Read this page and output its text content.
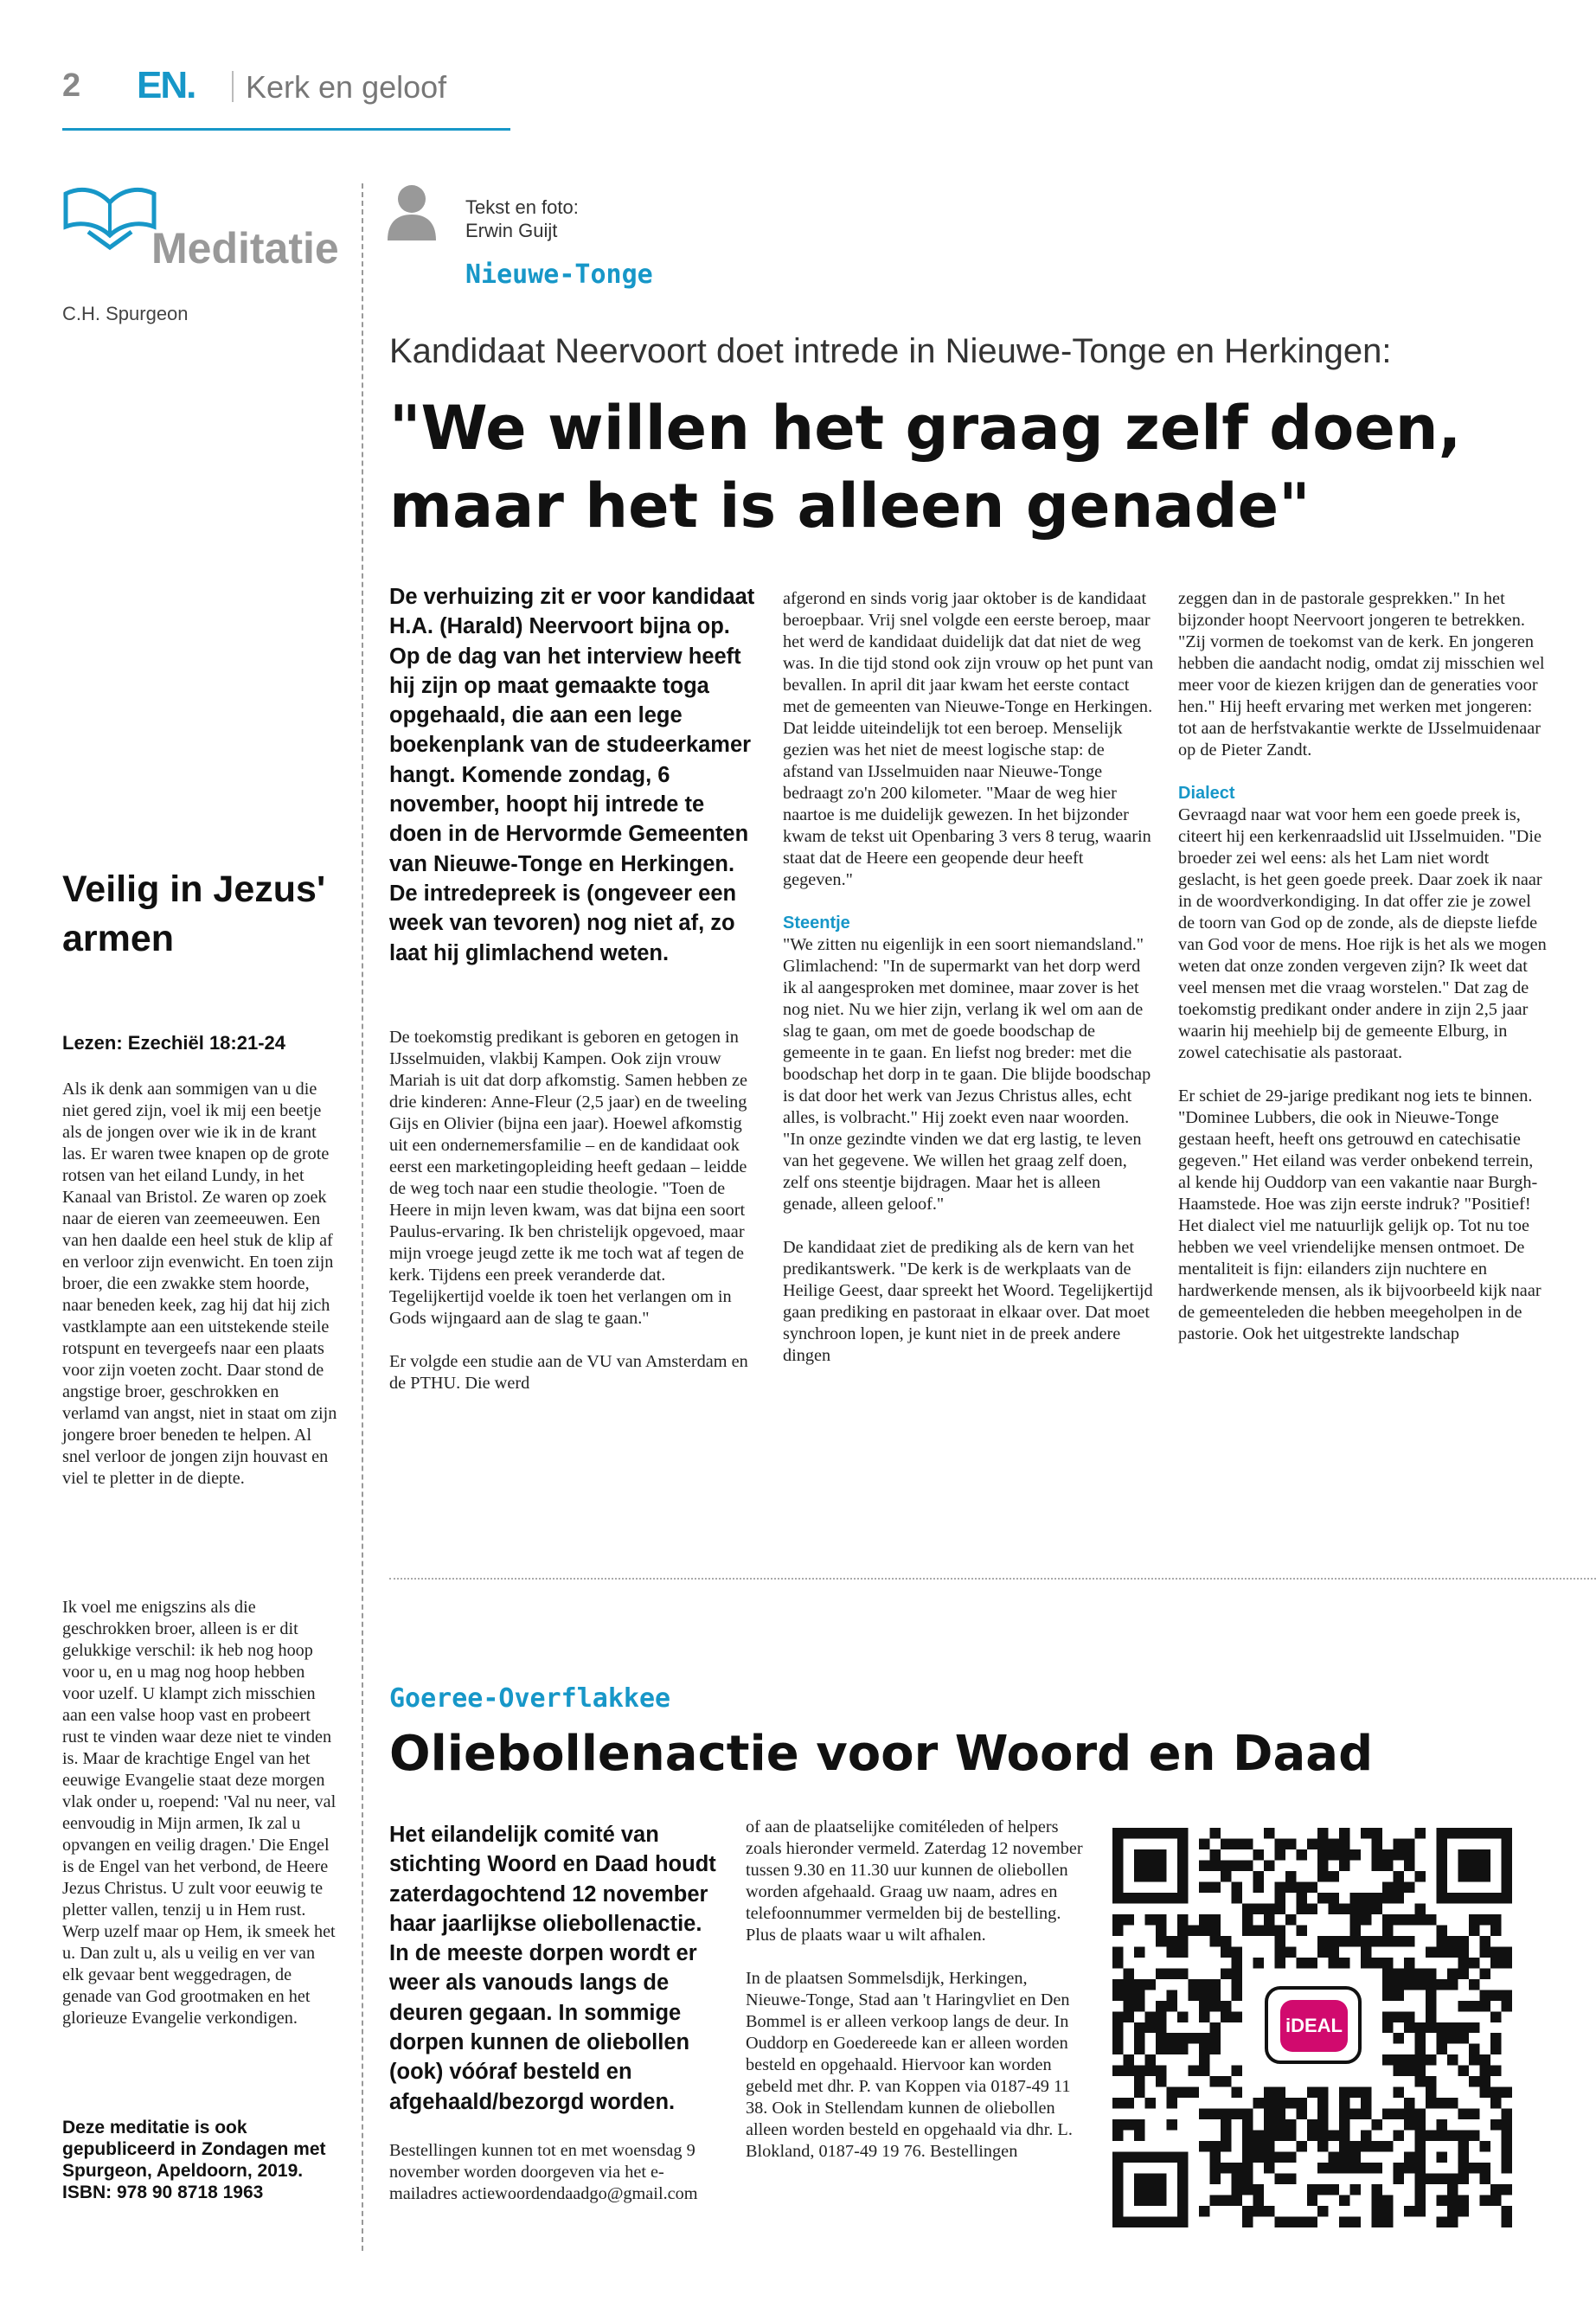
2 EN. Kerk en geloof
Meditatie
C.H. Spurgeon
Veilig in Jezus' armen
Lezen: Ezechiël 18:21-24
Als ik denk aan sommigen van u die niet gered zijn, voel ik mij een beetje als de jongen over wie ik in de krant las. Er waren twee knapen op de grote rotsen van het eiland Lundy, in het Kanaal van Bristol. Ze waren op zoek naar de eieren van zeemeeuwen. Een van hen daalde een heel stuk de klip af en verloor zijn evenwicht. En toen zijn broer, die een zwakke stem hoorde, naar beneden keek, zag hij dat hij zich vastklampte aan een uitstekende steile rotspunt en tevergeefs naar een plaats voor zijn voeten zocht. Daar stond de angstige broer, geschrokken en verlamd van angst, niet in staat om zijn jongere broer beneden te helpen. Al snel verloor de jongen zijn houvast en viel te pletter in de diepte.
Ik voel me enigszins als die geschrokken broer, alleen is er dit gelukkige verschil: ik heb nog hoop voor u, en u mag nog hoop hebben voor uzelf. U klampt zich misschien aan een valse hoop vast en probeert rust te vinden waar deze niet te vinden is. Maar de krachtige Engel van het eeuwige Evangelie staat deze morgen vlak onder u, roepend: 'Val nu neer, val eenvoudig in Mijn armen, Ik zal u opvangen en veilig dragen.' Die Engel is de Engel van het verbond, de Heere Jezus Christus. U zult voor eeuwig te pletter vallen, tenzij u in Hem rust. Werp uzelf maar op Hem, ik smeek het u. Dan zult u, als u veilig en ver van elk gevaar bent weggedragen, de genade van God grootmaken en het glorieuze Evangelie verkondigen.
Deze meditatie is ook gepubliceerd in Zondagen met Spurgeon, Apeldoorn, 2019. ISBN: 978 90 8718 1963
Tekst en foto:
Erwin Guijt
Nieuwe-Tonge
Kandidaat Neervoort doet intrede in Nieuwe-Tonge en Herkingen:
"We willen het graag zelf doen, maar het is alleen genade"
De verhuizing zit er voor kandidaat H.A. (Harald) Neervoort bijna op. Op de dag van het interview heeft hij zijn op maat gemaakte toga opgehaald, die aan een lege boekenplank van de studeerkamer hangt. Komende zondag, 6 november, hoopt hij intrede te doen in de Hervormde Gemeenten van Nieuwe-Tonge en Herkingen. De intredepreek is (ongeveer een week van tevoren) nog niet af, zo laat hij glimlachend weten.

De toekomstig predikant is geboren en getogen in IJsselmuiden, vlakbij Kampen. Ook zijn vrouw Mariah is uit dat dorp afkomstig. Samen hebben ze drie kinderen: Anne-Fleur (2,5 jaar) en de tweeling Gijs en Olivier (bijna een jaar). Hoewel afkomstig uit een ondernemersfamilie – en de kandidaat ook eerst een marketingopleiding heeft gedaan – leidde de weg toch naar een studie theologie. "Toen de Heere in mijn leven kwam, was dat bijna een soort Paulus-ervaring. Ik ben christelijk opgevoed, maar mijn vroege jeugd zette ik me toch wat af tegen de kerk. Tijdens een preek veranderde dat. Tegelijkertijd voelde ik toen het verlangen om in Gods wijngaard aan de slag te gaan."

Er volgde een studie aan de VU van Amsterdam en de PTHU. Die werd

afgerond en sinds vorig jaar oktober is de kandidaat beroepbaar. Vrij snel volgde een eerste beroep, maar het werd de kandidaat duidelijk dat dat niet de weg was. In die tijd stond ook zijn vrouw op het punt van bevallen. In april dit jaar kwam het eerste contact met de gemeenten van Nieuwe-Tonge en Herkingen. Dat leidde uiteindelijk tot een beroep. Menselijk gezien was het niet de meest logische stap: de afstand van IJsselmuiden naar Nieuwe-Tonge bedraagt zo'n 200 kilometer. "Maar de weg hier naartoe is me duidelijk gewezen. In het bijzonder kwam de tekst uit Openbaring 3 vers 8 terug, waarin staat dat de Heere een geopende deur heeft gegeven."

Steentje

"We zitten nu eigenlijk in een soort niemandsland." Glimlachend: "In de supermarkt van het dorp werd ik al aangesproken met dominee, maar zover is het nog niet. Nu we hier zijn, verlang ik wel om aan de slag te gaan, om met de goede boodschap de gemeente in te gaan. En liefst nog breder: met die boodschap het dorp in te gaan. Die blijde boodschap is dat door het werk van Jezus Christus alles, echt alles, is volbracht." Hij zoekt even naar woorden. "In onze gezindte vinden we dat erg lastig, te leven van het gegevene. We willen het graag zelf doen, zelf ons steentje bijdragen. Maar het is alleen genade, alleen geloof."

De kandidaat ziet de prediking als de kern van het predikantswerk. "De kerk is de werkplaats van de Heilige Geest, daar spreekt het Woord. Tegelijkertijd gaan prediking en pastoraat in elkaar over. Dat moet synchroon lopen, je kunt niet in de preek andere dingen

zeggen dan in de pastorale gesprekken." In het bijzonder hoopt Neervoort jongeren te betrekken. "Zij vormen de toekomst van de kerk. En jongeren hebben die aandacht nodig, omdat zij misschien wel meer voor de kiezen krijgen dan de generaties voor hen." Hij heeft ervaring met werken met jongeren: tot aan de herfstvakantie werkte de IJsselmuidenaar op de Pieter Zandt.

Dialect

Gevraagd naar wat voor hem een goede preek is, citeert hij een kerkenraadslid uit IJsselmuiden. "Die broeder zei wel eens: als het Lam niet wordt geslacht, is het geen goede preek. Daar zoek ik naar in de woordverkondiging. In dat offer zie je zowel de toorn van God op de zonde, als de diepste liefde van God voor de mens. Hoe rijk is het als we mogen weten dat onze zonden vergeven zijn? Ik weet dat veel mensen met die vraag worstelen." Dat zag de toekomstig predikant onder andere in zijn 2,5 jaar waarin hij meehielp bij de gemeente Elburg, in zowel catechisatie als pastoraat.

Er schiet de 29-jarige predikant nog iets te binnen. "Dominee Lubbers, die ook in Nieuwe-Tonge gestaan heeft, heeft ons getrouwd en catechisatie gegeven." Het eiland was verder onbekend terrein, al kende hij Ouddorp van een vakantie naar Burgh-Haamstede. Hoe was zijn eerste indruk? "Positief! Het dialect viel me natuurlijk gelijk op. Tot nu toe hebben we veel vriendelijke mensen ontmoet. De mentaliteit is fijn: eilanders zijn nuchtere en hardwerkende mensen, als ik bijvoorbeeld kijk naar de gemeenteleden die hebben meegeholpen in de pastorie. Ook het uitgestrekte landschap

Goeree-Overflakkee
Oliebollenactie voor Woord en Daad
Het eilandelijk comité van stichting Woord en Daad houdt zaterdagochtend 12 november haar jaarlijkse oliebollenactie. In de meeste dorpen wordt er weer als vanouds langs de deuren gegaan. In sommige dorpen kunnen de oliebollen (ook) vóóraf besteld en afgehaald/bezorgd worden.
Bestellingen kunnen tot en met woensdag 9 november worden doorgeven via het e-mailadres actiewoordendaadgo@gmail.com

of aan de plaatselijke comitéleden of helpers zoals hieronder vermeld. Zaterdag 12 november tussen 9.30 en 11.30 uur kunnen de oliebollen worden afgehaald. Graag uw naam, adres en telefoonnummer vermelden bij de bestelling. Plus de plaats waar u wilt afhalen.

In de plaatsen Sommelsdijk, Herkingen, Nieuwe-Tonge, Stad aan 't Haringvliet en Den Bommel is er alleen verkoop langs de deur. In Ouddorp en Goedereede kan er alleen worden besteld en opgehaald. Hiervoor kan worden gebeld met dhr. P. van Koppen via 0187-49 11 38. Ook in Stellendam kunnen de oliebollen alleen worden besteld en opgehaald via dhr. L. Blokland, 0187-49 19 76. Bestellingen

iDEAL
